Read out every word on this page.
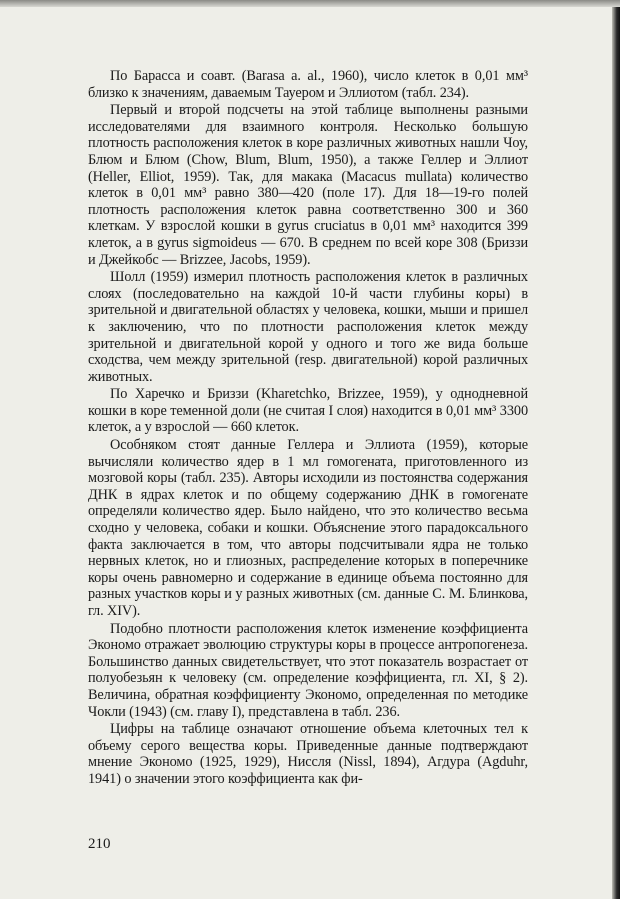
По Барасса и соавт. (Barasa a. al., 1960), число клеток в 0,01 мм³ близко к значениям, даваемым Тауером и Эллиотом (табл. 234).

Первый и второй подсчеты на этой таблице выполнены разными исследователями для взаимного контроля. Несколько большую плотность расположения клеток в коре различных животных нашли Чоу, Блюм и Блюм (Chow, Blum, Blum, 1950), а также Геллер и Эллиот (Heller, Elliot, 1959). Так, для макака (Macacus mullata) количество клеток в 0,01 мм³ равно 380—420 (поле 17). Для 18—19-го полей плотность расположения клеток равна соответственно 300 и 360 клеткам. У взрослой кошки в gyrus cruciatus в 0,01 мм³ находится 399 клеток, а в gyrus sigmoideus — 670. В среднем по всей коре 308 (Бриззи и Джейкобс — Brizzee, Jacobs, 1959).

Шолл (1959) измерил плотность расположения клеток в различных слоях (последовательно на каждой 10-й части глубины коры) в зрительной и двигательной областях у человека, кошки, мыши и пришел к заключению, что по плотности расположения клеток между зрительной и двигательной корой у одного и того же вида больше сходства, чем между зрительной (resp. двигательной) корой различных животных.

По Харечко и Бриззи (Kharetchko, Brizzee, 1959), у однодневной кошки в коре теменной доли (не считая I слоя) находится в 0,01 мм³ 3300 клеток, а у взрослой — 660 клеток.

Особняком стоят данные Геллера и Эллиота (1959), которые вычисляли количество ядер в 1 мл гомогената, приготовленного из мозговой коры (табл. 235). Авторы исходили из постоянства содержания ДНК в ядрах клеток и по общему содержанию ДНК в гомогенате определяли количество ядер. Было найдено, что это количество весьма сходно у человека, собаки и кошки. Объяснение этого парадоксального факта заключается в том, что авторы подсчитывали ядра не только нервных клеток, но и глиозных, распределение которых в поперечнике коры очень равномерно и содержание в единице объема постоянно для разных участков коры и у разных животных (см. данные С. М. Блинкова, гл. XIV).

Подобно плотности расположения клеток изменение коэффициента Экономо отражает эволюцию структуры коры в процессе антропогенеза. Большинство данных свидетельствует, что этот показатель возрастает от полуобезьян к человеку (см. определение коэффициента, гл. XI, § 2). Величина, обратная коэффициенту Экономо, определенная по методике Чокли (1943) (см. главу I), представлена в табл. 236.

Цифры на таблице означают отношение объема клеточных тел к объему серого вещества коры. Приведенные данные подтверждают мнение Экономо (1925, 1929), Ниссля (Nissl, 1894), Агдура (Agduhr, 1941) о значении этого коэффициента как фи-

210
